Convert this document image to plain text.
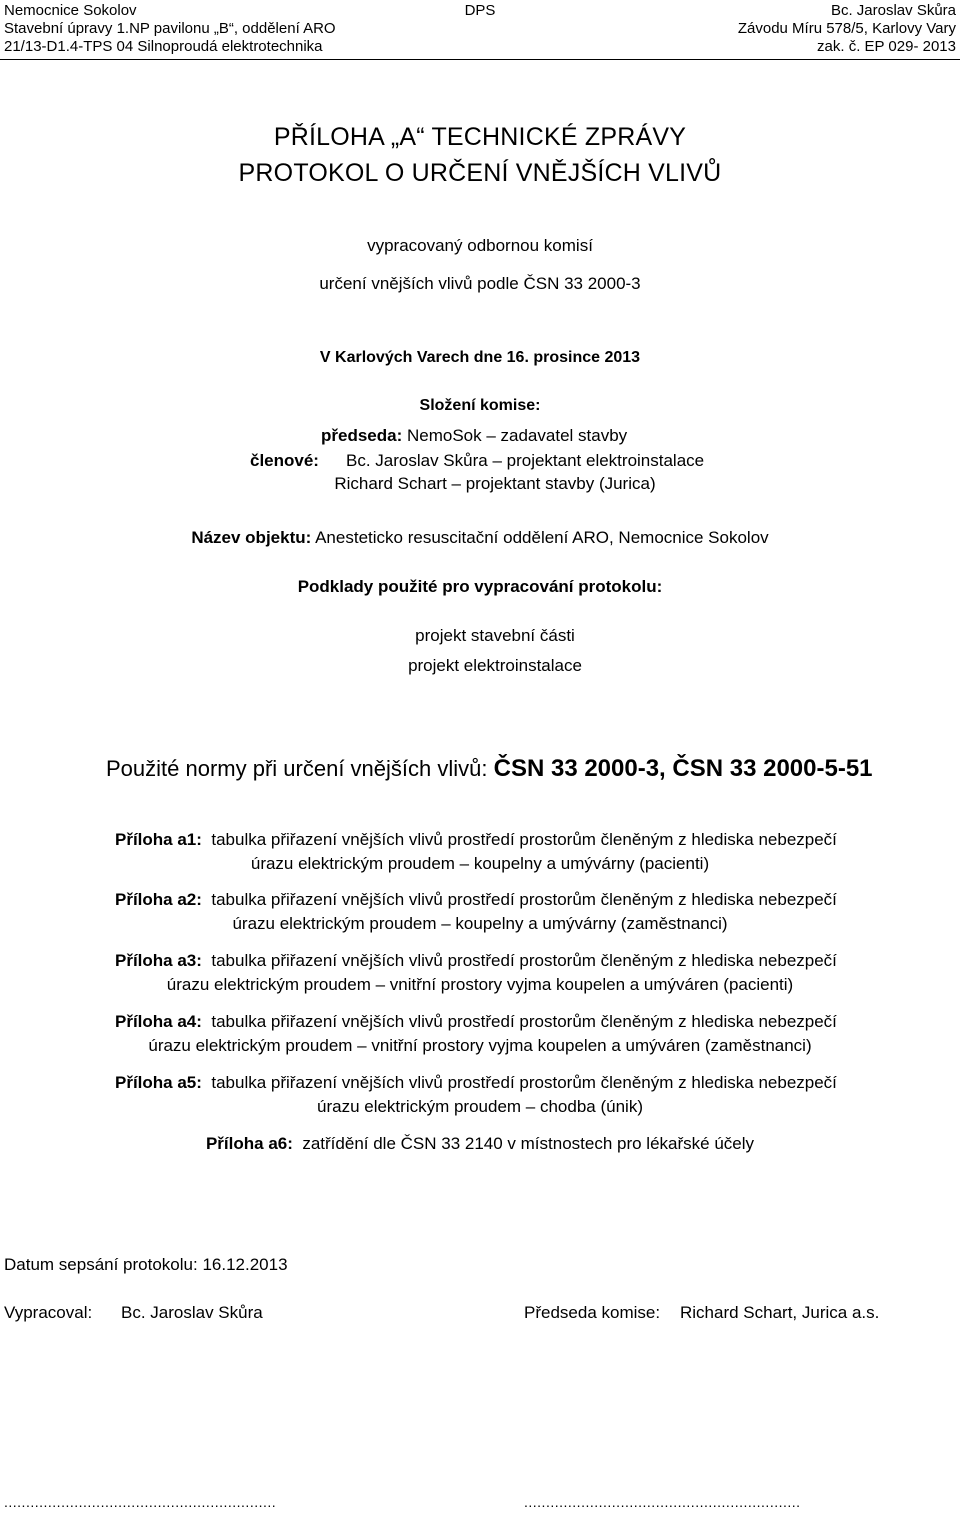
Nemocnice Sokolov
Stavební úpravy 1.NP pavilonu „B“, oddělení ARO
21/13-D1.4-TPS 04 Silnoproudá elektrotechnika
DPS	Bc. Jaroslav Skůra
Závodu Míru 578/5, Karlovy Vary
zak. č. EP 029- 2013
PŘÍLOHA „A“ TECHNICKÉ ZPRÁVY
PROTOKOL O URČENÍ VNĚJŠÍCH VLIVŮ
vypracovaný odbornou komisí
určení vnějších vlivů podle ČSN 33 2000-3
V Karlových Varech dne 16. prosince 2013
Složení komise:
předseda: NemoSok – zadavatel stavby
členové: Bc. Jaroslav Skůra – projektant elektroinstalace
Richard Schart – projektant stavby (Jurica)
Název objektu: Anesteticko resuscitační oddělení ARO, Nemocnice Sokolov
Podklady použité pro vypracování protokolu:
projekt stavební části
projekt elektroinstalace
Použité normy při určení vnějších vlivů: ČSN 33 2000-3, ČSN 33 2000-5-51
Příloha a1: tabulka přiřazení vnějších vlivů prostředí prostorům členěným z hlediska nebezpečí
úrazu elektrickým proudem – koupelny a umývárny (pacienti)
Příloha a2: tabulka přiřazení vnějších vlivů prostředí prostorům členěným z hlediska nebezpečí
úrazu elektrickým proudem – koupelny a umývárny (zaměstnanci)
Příloha a3: tabulka přiřazení vnějších vlivů prostředí prostorům členěným z hlediska nebezpečí
úrazu elektrickým proudem – vnitřní prostory vyjma koupelen a umýváren (pacienti)
Příloha a4: tabulka přiřazení vnějších vlivů prostředí prostorům členěným z hlediska nebezpečí
úrazu elektrickým proudem – vnitřní prostory vyjma koupelen a umýváren (zaměstnanci)
Příloha a5: tabulka přiřazení vnějších vlivů prostředí prostorům členěným z hlediska nebezpečí
úrazu elektrickým proudem – chodba (únik)
Příloha a6: zatřídění dle ČSN 33 2140 v místnostech pro lékařské účely
Datum sepsání protokolu: 16.12.2013
Vypracoval: Bc. Jaroslav Skůra	Předseda komise: Richard Schart, Jurica a.s.
..............................................................	...............................................................
